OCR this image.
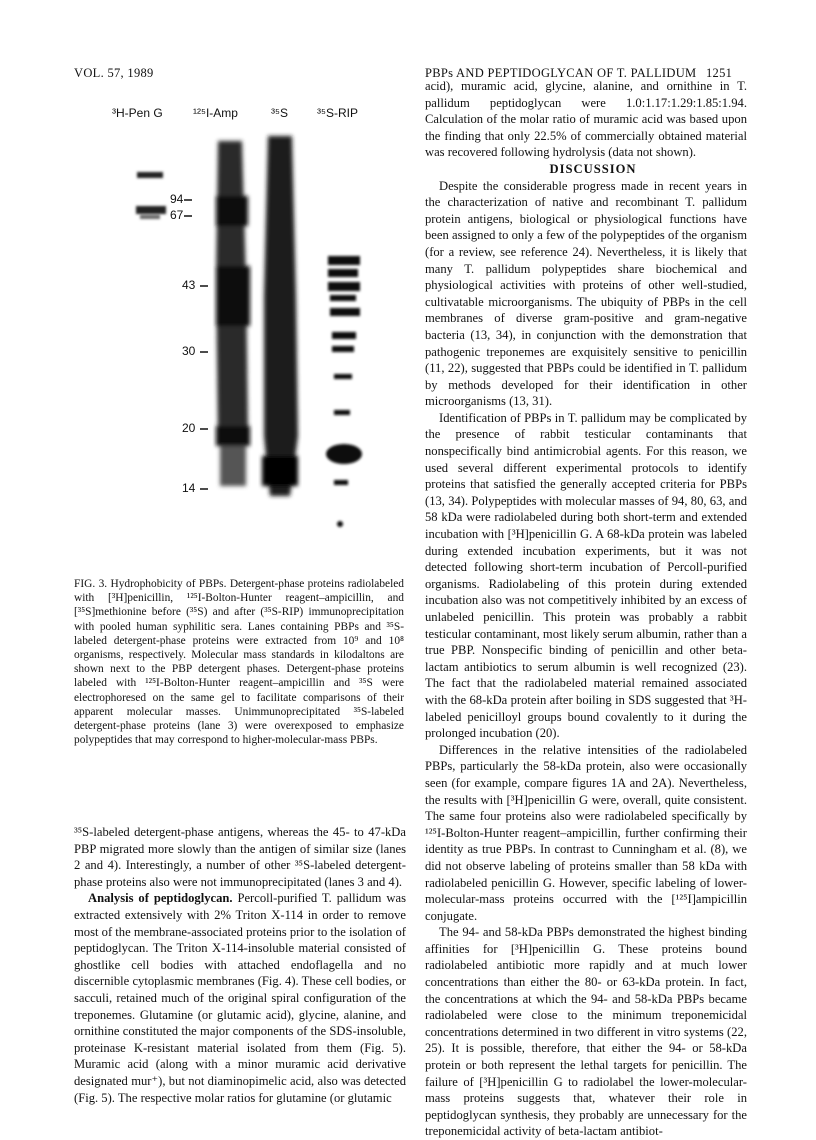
VOL. 57, 1989	PBPs AND PEPTIDOGLYCAN OF T. PALLIDUM 1251
³H-Pen G	¹²⁵I-Amp	³⁵S ³⁵S-RIP
94
67
43
30
20
14
FIG. 3. Hydrophobicity of PBPs. Detergent-phase proteins radiolabeled with [³H]penicillin, ¹²⁵I-Bolton-Hunter reagent–ampicillin, and [³⁵S]methionine before (³⁵S) and after (³⁵S-RIP) immunoprecipitation with pooled human syphilitic sera. Lanes containing PBPs and ³⁵S-labeled detergent-phase proteins were extracted from 10⁹ and 10⁸ organisms, respectively. Molecular mass standards in kilodaltons are shown next to the PBP detergent phases. Detergent-phase proteins labeled with ¹²⁵I-Bolton-Hunter reagent–ampicillin and ³⁵S were electrophoresed on the same gel to facilitate comparisons of their apparent molecular masses. Unimmunoprecipitated ³⁵S-labeled detergent-phase proteins (lane 3) were overexposed to emphasize polypeptides that may correspond to higher-molecular-mass PBPs.

³⁵S-labeled detergent-phase antigens, whereas the 45- to 47-kDa PBP migrated more slowly than the antigen of similar size (lanes 2 and 4). Interestingly, a number of other ³⁵S-labeled detergent-phase proteins also were not immunoprecipitated (lanes 3 and 4).

Analysis of peptidoglycan. Percoll-purified T. pallidum was extracted extensively with 2% Triton X-114 in order to remove most of the membrane-associated proteins prior to the isolation of peptidoglycan. The Triton X-114-insoluble material consisted of ghostlike cell bodies with attached endoflagella and no discernible cytoplasmic membranes (Fig. 4). These cell bodies, or sacculi, retained much of the original spiral configuration of the treponemes. Glutamine (or glutamic acid), glycine, alanine, and ornithine constituted the major components of the SDS-insoluble, proteinase K-resistant material isolated from them (Fig. 5). Muramic acid (along with a minor muramic acid derivative designated mur⁺), but not diaminopimelic acid, also was detected (Fig. 5). The respective molar ratios for glutamine (or glutamic

acid), muramic acid, glycine, alanine, and ornithine in T. pallidum peptidoglycan were 1.0:1.17:1.29:1.85:1.94. Calculation of the molar ratio of muramic acid was based upon the finding that only 22.5% of commercially obtained material was recovered following hydrolysis (data not shown).

DISCUSSION

Despite the considerable progress made in recent years in the characterization of native and recombinant T. pallidum protein antigens, biological or physiological functions have been assigned to only a few of the polypeptides of the organism (for a review, see reference 24). Nevertheless, it is likely that many T. pallidum polypeptides share biochemical and physiological activities with proteins of other well-studied, cultivatable microorganisms. The ubiquity of PBPs in the cell membranes of diverse gram-positive and gram-negative bacteria (13, 34), in conjunction with the demonstration that pathogenic treponemes are exquisitely sensitive to penicillin (11, 22), suggested that PBPs could be identified in T. pallidum by methods developed for their identification in other microorganisms (13, 31).

Identification of PBPs in T. pallidum may be complicated by the presence of rabbit testicular contaminants that nonspecifically bind antimicrobial agents. For this reason, we used several different experimental protocols to identify proteins that satisfied the generally accepted criteria for PBPs (13, 34). Polypeptides with molecular masses of 94, 80, 63, and 58 kDa were radiolabeled during both short-term and extended incubation with [³H]penicillin G. A 68-kDa protein was labeled during extended incubation experiments, but it was not detected following short-term incubation of Percoll-purified organisms. Radiolabeling of this protein during extended incubation also was not competitively inhibited by an excess of unlabeled penicillin. This protein was probably a rabbit testicular contaminant, most likely serum albumin, rather than a true PBP. Nonspecific binding of penicillin and other beta-lactam antibiotics to serum albumin is well recognized (23). The fact that the radiolabeled material remained associated with the 68-kDa protein after boiling in SDS suggested that ³H-labeled penicilloyl groups bound covalently to it during the prolonged incubation (20).

Differences in the relative intensities of the radiolabeled PBPs, particularly the 58-kDa protein, also were occasionally seen (for example, compare figures 1A and 2A). Nevertheless, the results with [³H]penicillin G were, overall, quite consistent. The same four proteins also were radiolabeled specifically by ¹²⁵I-Bolton-Hunter reagent–ampicillin, further confirming their identity as true PBPs. In contrast to Cunningham et al. (8), we did not observe labeling of proteins smaller than 58 kDa with radiolabeled penicillin G. However, specific labeling of lower-molecular-mass proteins occurred with the [¹²⁵I]ampicillin conjugate.

The 94- and 58-kDa PBPs demonstrated the highest binding affinities for [³H]penicillin G. These proteins bound radiolabeled antibiotic more rapidly and at much lower concentrations than either the 80- or 63-kDa protein. In fact, the concentrations at which the 94- and 58-kDa PBPs became radiolabeled were close to the minimum treponemicidal concentrations determined in two different in vitro systems (22, 25). It is possible, therefore, that either the 94- or 58-kDa protein or both represent the lethal targets for penicillin. The failure of [³H]penicillin G to radiolabel the lower-molecular-mass proteins suggests that, whatever their role in peptidoglycan synthesis, they probably are unnecessary for the treponemicidal activity of beta-lactam antibiot-
